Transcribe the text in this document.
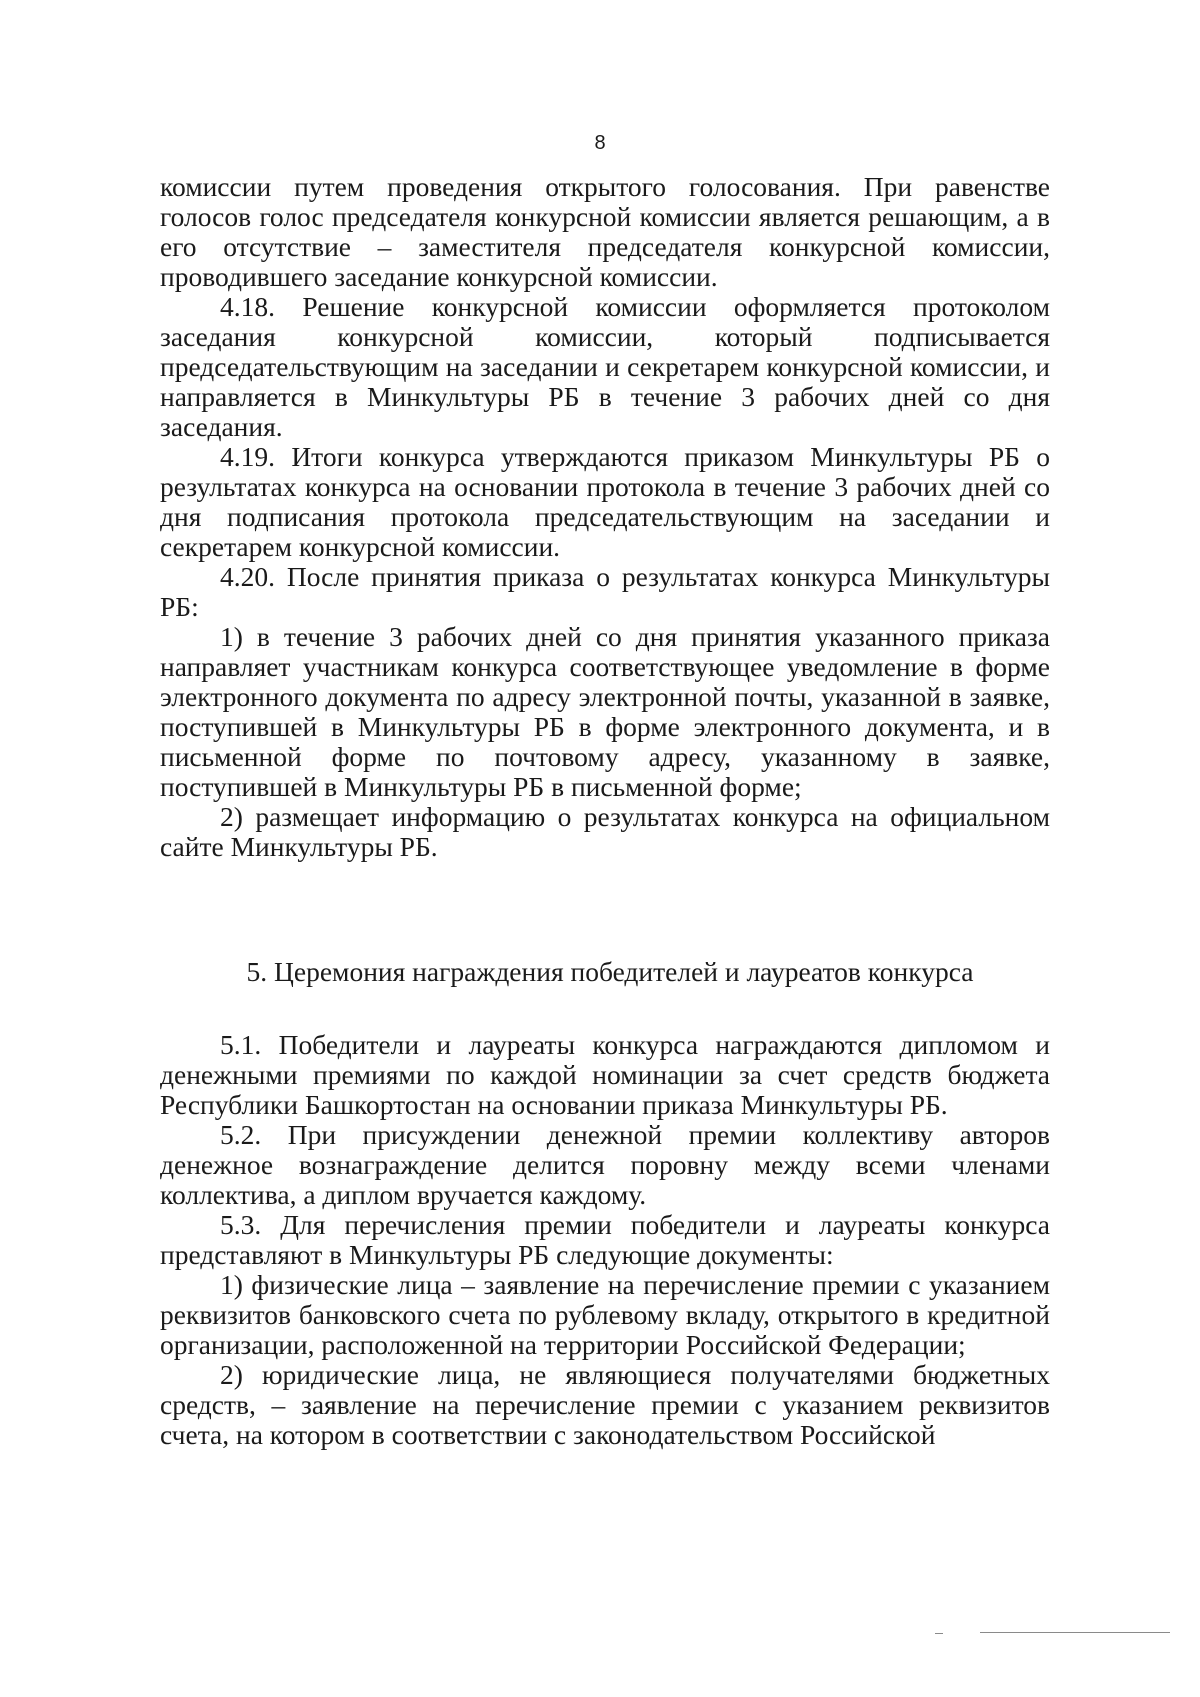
8

комиссии путем проведения открытого голосования. При равенстве голосов голос председателя конкурсной комиссии является решающим, а в его отсутствие – заместителя председателя конкурсной комиссии, проводившего заседание конкурсной комиссии.

4.18. Решение конкурсной комиссии оформляется протоколом заседания конкурсной комиссии, который подписывается председательствующим на заседании и секретарем конкурсной комиссии, и направляется в Минкультуры РБ в течение 3 рабочих дней со дня заседания.

4.19. Итоги конкурса утверждаются приказом Минкультуры РБ о результатах конкурса на основании протокола в течение 3 рабочих дней со дня подписания протокола председательствующим на заседании и секретарем конкурсной комиссии.

4.20. После принятия приказа о результатах конкурса Минкультуры РБ:

1) в течение 3 рабочих дней со дня принятия указанного приказа направляет участникам конкурса соответствующее уведомление в форме электронного документа по адресу электронной почты, указанной в заявке, поступившей в Минкультуры РБ в форме электронного документа, и в письменной форме по почтовому адресу, указанному в заявке, поступившей в Минкультуры РБ в письменной форме;

2) размещает информацию о результатах конкурса на официальном сайте Минкультуры РБ.

5. Церемония награждения победителей и лауреатов конкурса

5.1. Победители и лауреаты конкурса награждаются дипломом и денежными премиями по каждой номинации за счет средств бюджета Республики Башкортостан на основании приказа Минкультуры РБ.

5.2. При присуждении денежной премии коллективу авторов денежное вознаграждение делится поровну между всеми членами коллектива, а диплом вручается каждому.

5.3. Для перечисления премии победители и лауреаты конкурса представляют в Минкультуры РБ следующие документы:

1) физические лица – заявление на перечисление премии с указанием реквизитов банковского счета по рублевому вкладу, открытого в кредитной организации, расположенной на территории Российской Федерации;

2) юридические лица, не являющиеся получателями бюджетных средств, – заявление на перечисление премии с указанием реквизитов счета, на котором в соответствии с законодательством Российской
